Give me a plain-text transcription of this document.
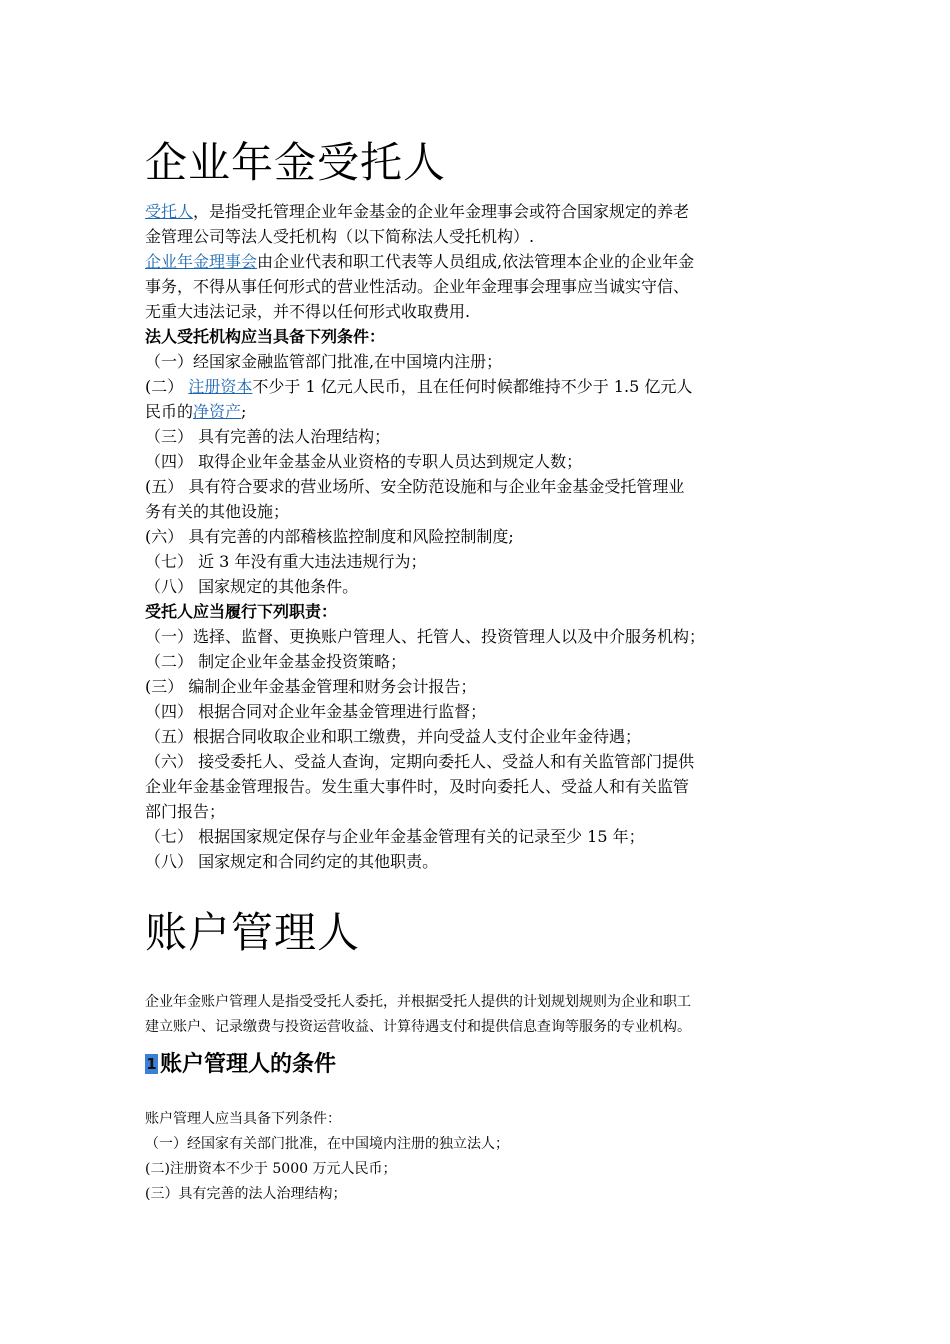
企业年金受托人
受托人，是指受托管理企业年金基金的企业年金理事会或符合国家规定的养老
金管理公司等法人受托机构（以下简称法人受托机构）.
企业年金理事会由企业代表和职工代表等人员组成,依法管理本企业的企业年金
事务，不得从事任何形式的营业性活动。企业年金理事会理事应当诚实守信、
无重大违法记录，并不得以任何形式收取费用.
法人受托机构应当具备下列条件：
（一）经国家金融监管部门批准,在中国境内注册；
(二） 注册资本不少于 1 亿元人民币，且在任何时候都维持不少于 1.5 亿元人
民币的净资产;
（三） 具有完善的法人治理结构；
（四） 取得企业年金基金从业资格的专职人员达到规定人数；
(五） 具有符合要求的营业场所、安全防范设施和与企业年金基金受托管理业
务有关的其他设施；
(六） 具有完善的内部稽核监控制度和风险控制制度;
（七） 近 3 年没有重大违法违规行为；
（八） 国家规定的其他条件。
受托人应当履行下列职责：
（一）选择、监督、更换账户管理人、托管人、投资管理人以及中介服务机构；
（二） 制定企业年金基金投资策略；
(三） 编制企业年金基金管理和财务会计报告；
（四） 根据合同对企业年金基金管理进行监督；
（五）根据合同收取企业和职工缴费，并向受益人支付企业年金待遇；
（六） 接受委托人、受益人查询，定期向委托人、受益人和有关监管部门提供
企业年金基金管理报告。发生重大事件时，及时向委托人、受益人和有关监管
部门报告；
（七） 根据国家规定保存与企业年金基金管理有关的记录至少 15 年；
（八） 国家规定和合同约定的其他职责。
账户管理人
企业年金账户管理人是指受受托人委托，并根据受托人提供的计划规划规则为企业和职工
建立账户、记录缴费与投资运营收益、计算待遇支付和提供信息查询等服务的专业机构。
1 账户管理人的条件
账户管理人应当具备下列条件：
（一）经国家有关部门批准，在中国境内注册的独立法人；
(二)注册资本不少于 5000 万元人民币；
(三）具有完善的法人治理结构；
